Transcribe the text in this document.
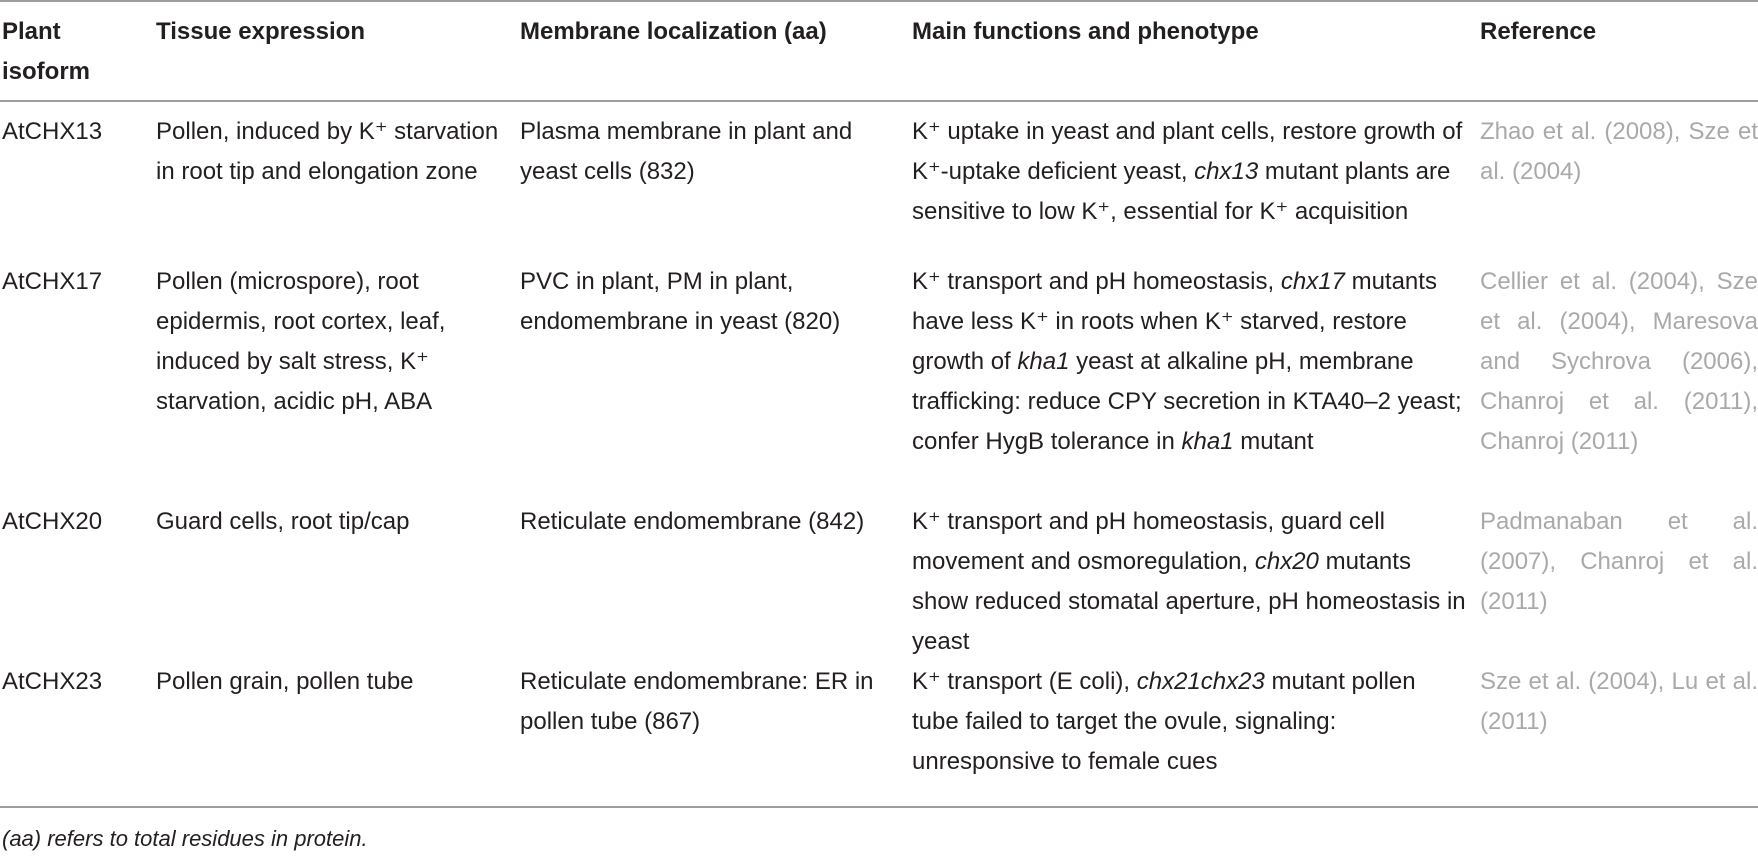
Plant isoform	Tissue expression	Membrane localization (aa)	Main functions and phenotype	Reference
AtCHX13	Pollen, induced by K⁺ starvation in root tip and elongation zone	Plasma membrane in plant and yeast cells (832)	K⁺ uptake in yeast and plant cells, restore growth of K⁺-uptake deficient yeast, chx13 mutant plants are sensitive to low K⁺, essential for K⁺ acquisition	Zhao et al. (2008), Sze et al. (2004)
AtCHX17	Pollen (microspore), root epidermis, root cortex, leaf, induced by salt stress, K⁺ starvation, acidic pH, ABA	PVC in plant, PM in plant, endomembrane in yeast (820)	K⁺ transport and pH homeostasis, chx17 mutants have less K⁺ in roots when K⁺ starved, restore growth of kha1 yeast at alkaline pH, membrane trafficking: reduce CPY secretion in KTA40–2 yeast; confer HygB tolerance in kha1 mutant	Cellier et al. (2004), Sze et al. (2004), Maresova and Sychrova (2006), Chanroj et al. (2011), Chanroj (2011)
AtCHX20	Guard cells, root tip/cap	Reticulate endomembrane (842)	K⁺ transport and pH homeostasis, guard cell movement and osmoregulation, chx20 mutants show reduced stomatal aperture, pH homeostasis in yeast	Padmanaban et al. (2007), Chanroj et al. (2011)
AtCHX23	Pollen grain, pollen tube	Reticulate endomembrane: ER in pollen tube (867)	K⁺ transport (E coli), chx21chx23 mutant pollen tube failed to target the ovule, signaling: unresponsive to female cues	Sze et al. (2004), Lu et al. (2011)
(aa) refers to total residues in protein.
